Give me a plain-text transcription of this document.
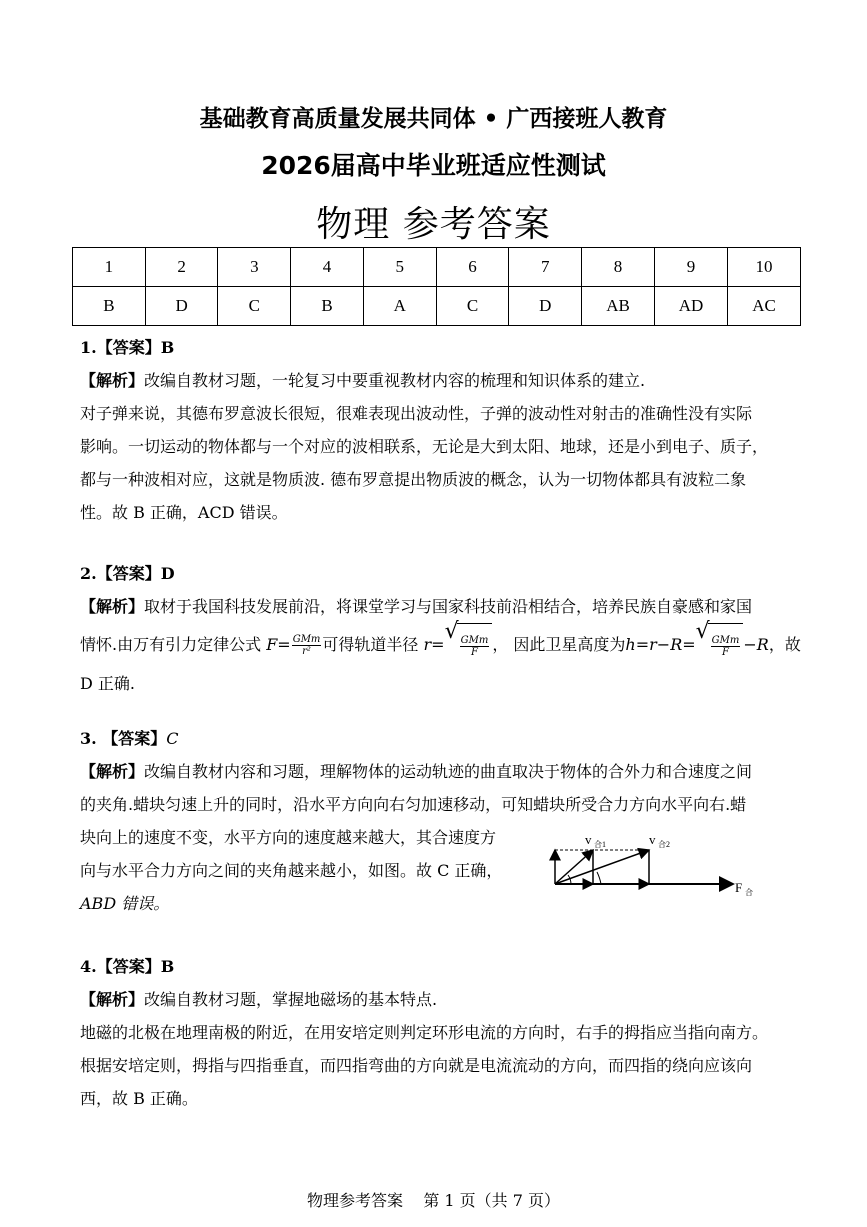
基础教育高质量发展共同体 • 广西接班人教育
2026届高中毕业班适应性测试
物理 参考答案
1	2	3	4	5	6	7	8	9	10
B	D	C	B	A	C	D	AB	AD	AC
1.【答案】B
【解析】改编自教材习题，一轮复习中要重视教材内容的梳理和知识体系的建立.
对子弹来说，其德布罗意波长很短，很难表现出波动性，子弹的波动性对射击的准确性没有实际
影响。一切运动的物体都与一个对应的波相联系，无论是大到太阳、地球，还是小到电子、质子，
都与一种波相对应，这就是物质波. 德布罗意提出物质波的概念，认为一切物体都具有波粒二象
性。故 B 正确，ACD 错误。
2.【答案】D
【解析】取材于我国科技发展前沿，将课堂学习与国家科技前沿相结合，培养民族自豪感和家国
情怀.由万有引力定律公式 $F= \frac{\text{GMm}}{\text{r²}}$ 可得轨道半径 r=
√
$\frac{\text{GMm}}{F}$ ， 因此卫星高度为h=r−R=
√
$\frac{\text{GMm}}{F} -R$，故
D 正确.
3. 【答案】C
【解析】改编自教材内容和习题，理解物体的运动轨迹的曲直取决于物体的合外力和合速度之间
的夹角.蜡块匀速上升的同时，沿水平方向向右匀加速移动，可知蜡块所受合力方向水平向右.蜡
块向上的速度不变，水平方向的速度越来越大，其合速度方
向与水平合力方向之间的夹角越来越小，如图。故 C 正确，
ABD 错误。
v 合1	v 合2
F 合
4.【答案】B
【解析】改编自教材习题，掌握地磁场的基本特点.
地磁的北极在地理南极的附近，在用安培定则判定环形电流的方向时，右手的拇指应当指向南方。
根据安培定则，拇指与四指垂直，而四指弯曲的方向就是电流流动的方向，而四指的绕向应该向
西，故 B 正确。
物理参考答案    第 1 页（共 7 页）
